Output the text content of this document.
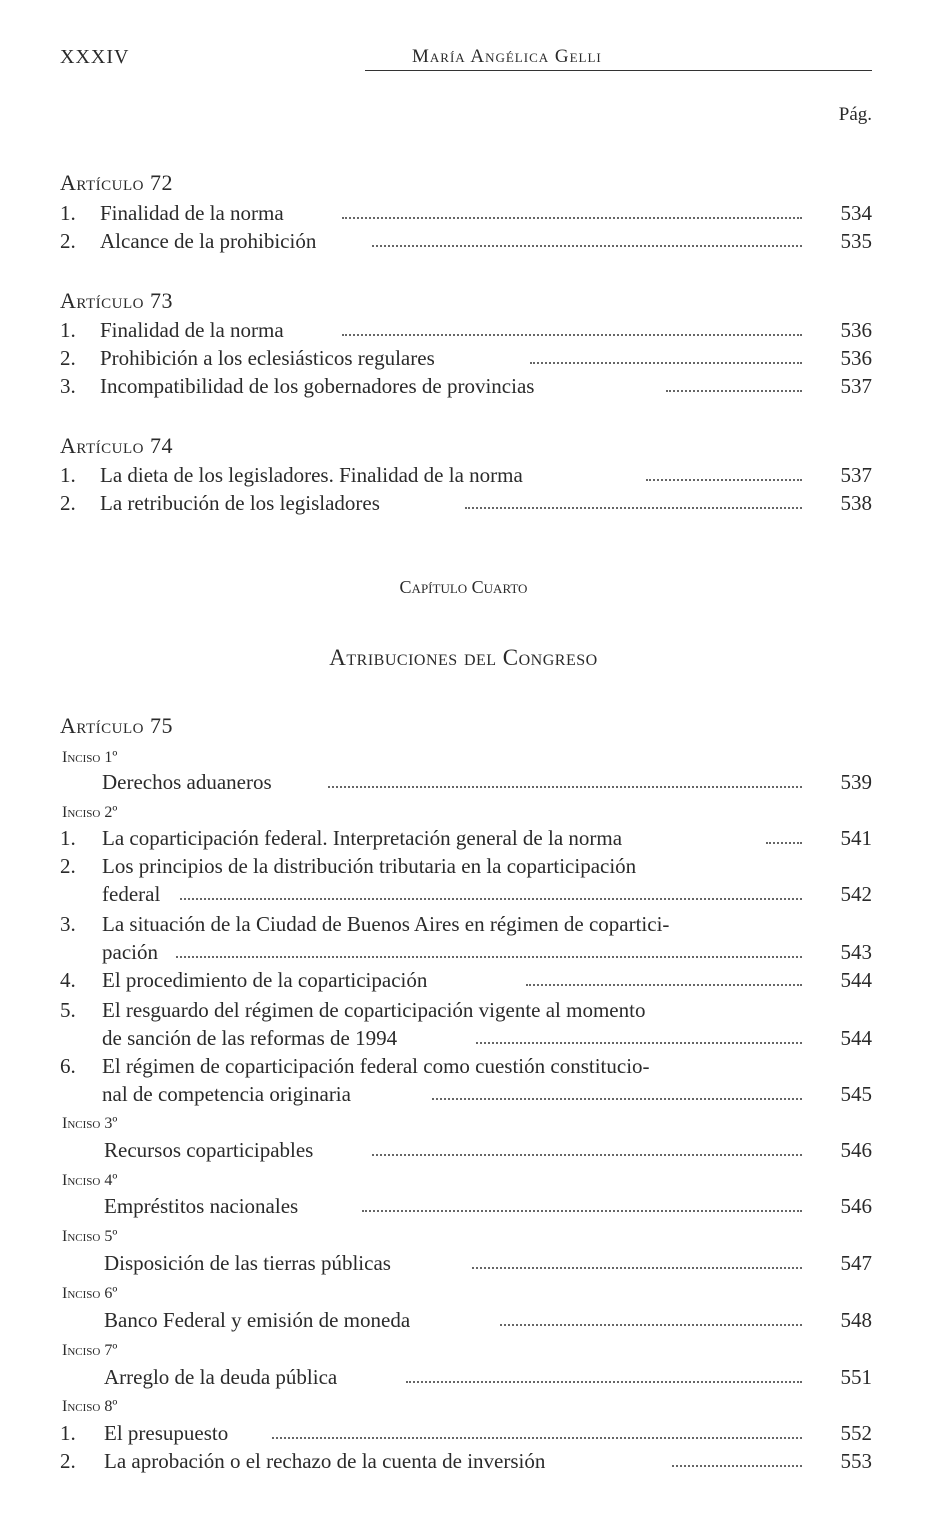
XXXIV	María Angélica Gelli
Pág.
Artículo 72
1. Finalidad de la norma	534
2. Alcance de la prohibición	535
Artículo 73
1. Finalidad de la norma	536
2. Prohibición a los eclesiásticos regulares	536
3. Incompatibilidad de los gobernadores de provincias	537
Artículo 74
1. La dieta de los legisladores. Finalidad de la norma	537
2. La retribución de los legisladores	538
Capítulo Cuarto
Atribuciones del Congreso
Artículo 75
Inciso 1º
Derechos aduaneros	539
Inciso 2º
1. La coparticipación federal. Interpretación general de la norma	541
2. Los principios de la distribución tributaria en la coparticipación
federal	542
3. La situación de la Ciudad de Buenos Aires en régimen de copartici-
pación	543
4. El procedimiento de la coparticipación	544
5. El resguardo del régimen de coparticipación vigente al momento
de sanción de las reformas de 1994	544
6. El régimen de coparticipación federal como cuestión constitucio-
nal de competencia originaria	545
Inciso 3º
Recursos coparticipables	546
Inciso 4º
Empréstitos nacionales	546
Inciso 5º
Disposición de las tierras públicas	547
Inciso 6º
Banco Federal y emisión de moneda	548
Inciso 7º
Arreglo de la deuda pública	551
Inciso 8º
1. El presupuesto	552
2. La aprobación o el rechazo de la cuenta de inversión	553
